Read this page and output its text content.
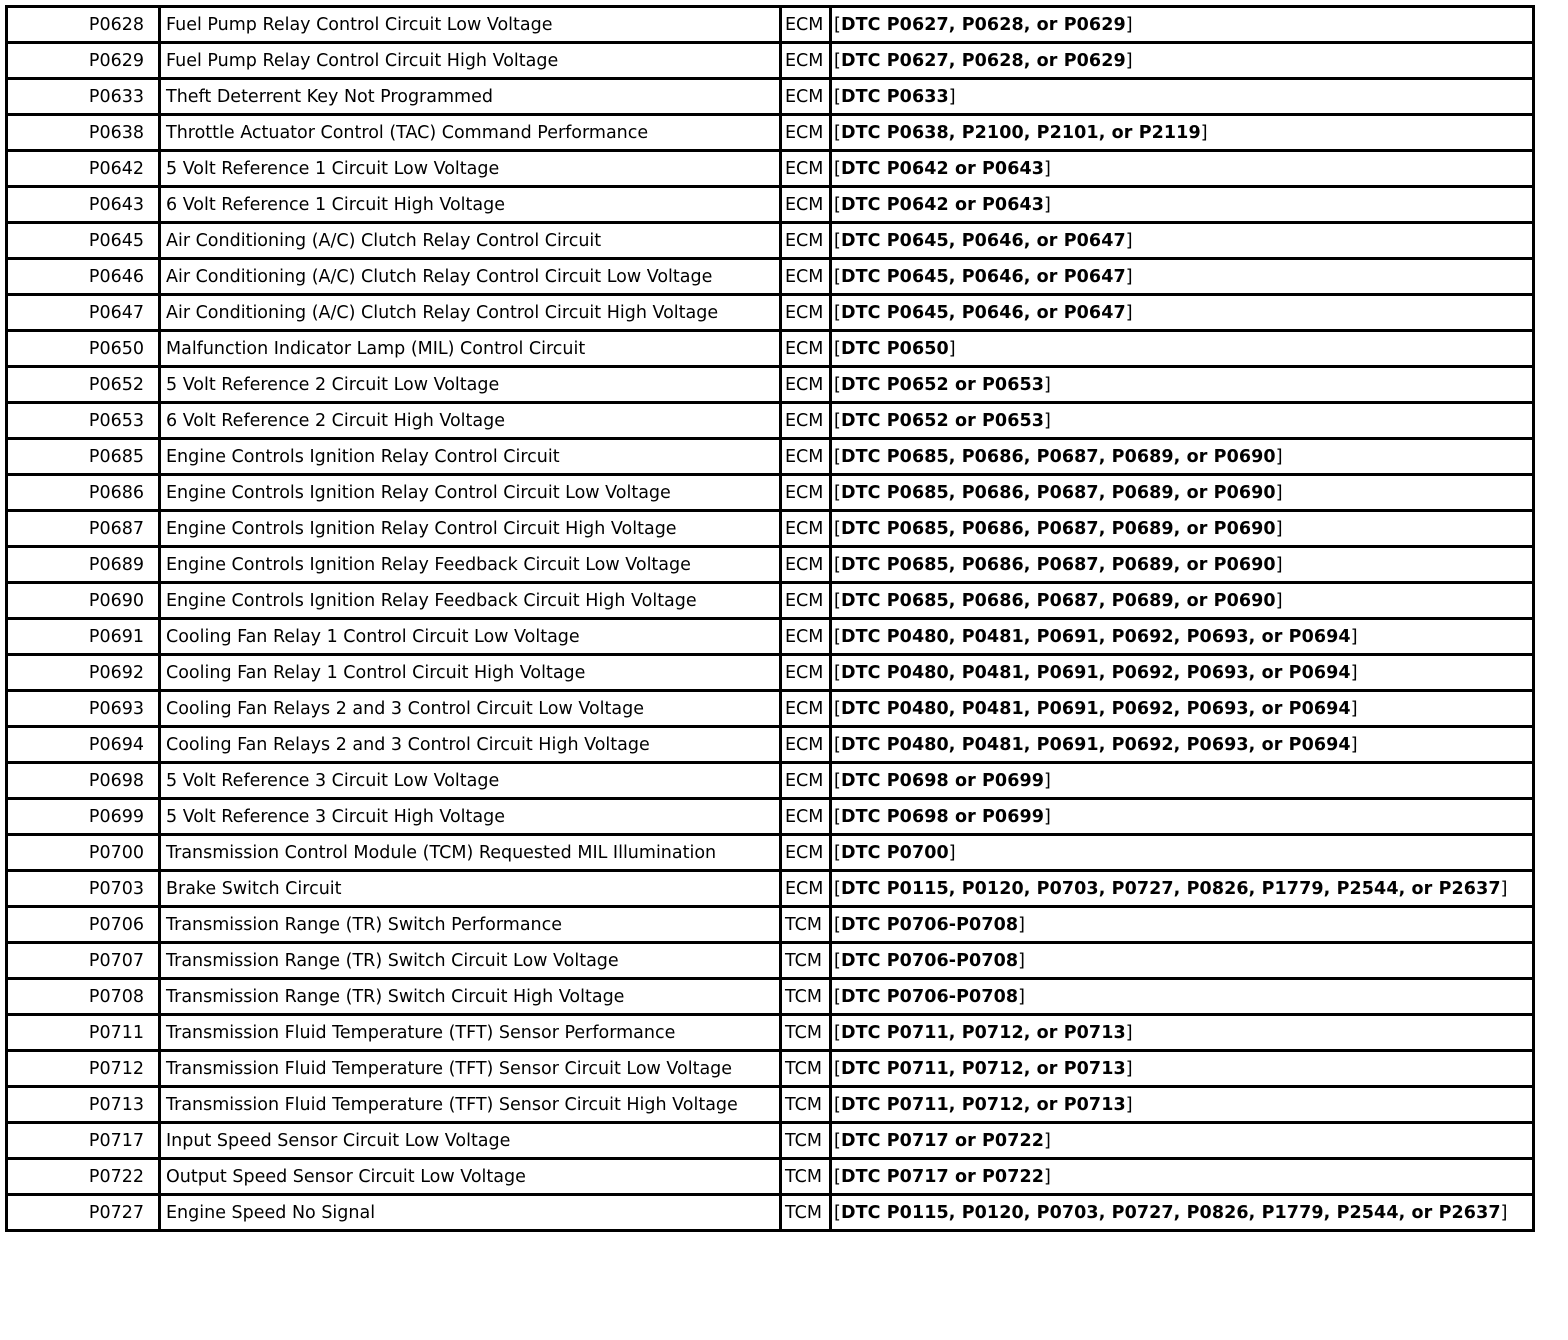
P0628	Fuel Pump Relay Control Circuit Low Voltage	ECM	[DTC P0627, P0628, or P0629]
P0629	Fuel Pump Relay Control Circuit High Voltage	ECM	[DTC P0627, P0628, or P0629]
P0633	Theft Deterrent Key Not Programmed	ECM	[DTC P0633]
P0638	Throttle Actuator Control (TAC) Command Performance	ECM	[DTC P0638, P2100, P2101, or P2119]
P0642	5 Volt Reference 1 Circuit Low Voltage	ECM	[DTC P0642 or P0643]
P0643	6 Volt Reference 1 Circuit High Voltage	ECM	[DTC P0642 or P0643]
P0645	Air Conditioning (A/C) Clutch Relay Control Circuit	ECM	[DTC P0645, P0646, or P0647]
P0646	Air Conditioning (A/C) Clutch Relay Control Circuit Low Voltage	ECM	[DTC P0645, P0646, or P0647]
P0647	Air Conditioning (A/C) Clutch Relay Control Circuit High Voltage	ECM	[DTC P0645, P0646, or P0647]
P0650	Malfunction Indicator Lamp (MIL) Control Circuit	ECM	[DTC P0650]
P0652	5 Volt Reference 2 Circuit Low Voltage	ECM	[DTC P0652 or P0653]
P0653	6 Volt Reference 2 Circuit High Voltage	ECM	[DTC P0652 or P0653]
P0685	Engine Controls Ignition Relay Control Circuit	ECM	[DTC P0685, P0686, P0687, P0689, or P0690]
P0686	Engine Controls Ignition Relay Control Circuit Low Voltage	ECM	[DTC P0685, P0686, P0687, P0689, or P0690]
P0687	Engine Controls Ignition Relay Control Circuit High Voltage	ECM	[DTC P0685, P0686, P0687, P0689, or P0690]
P0689	Engine Controls Ignition Relay Feedback Circuit Low Voltage	ECM	[DTC P0685, P0686, P0687, P0689, or P0690]
P0690	Engine Controls Ignition Relay Feedback Circuit High Voltage	ECM	[DTC P0685, P0686, P0687, P0689, or P0690]
P0691	Cooling Fan Relay 1 Control Circuit Low Voltage	ECM	[DTC P0480, P0481, P0691, P0692, P0693, or P0694]
P0692	Cooling Fan Relay 1 Control Circuit High Voltage	ECM	[DTC P0480, P0481, P0691, P0692, P0693, or P0694]
P0693	Cooling Fan Relays 2 and 3 Control Circuit Low Voltage	ECM	[DTC P0480, P0481, P0691, P0692, P0693, or P0694]
P0694	Cooling Fan Relays 2 and 3 Control Circuit High Voltage	ECM	[DTC P0480, P0481, P0691, P0692, P0693, or P0694]
P0698	5 Volt Reference 3 Circuit Low Voltage	ECM	[DTC P0698 or P0699]
P0699	5 Volt Reference 3 Circuit High Voltage	ECM	[DTC P0698 or P0699]
P0700	Transmission Control Module (TCM) Requested MIL Illumination	ECM	[DTC P0700]
P0703	Brake Switch Circuit	ECM	[DTC P0115, P0120, P0703, P0727, P0826, P1779, P2544, or P2637]
P0706	Transmission Range (TR) Switch Performance	TCM	[DTC P0706-P0708]
P0707	Transmission Range (TR) Switch Circuit Low Voltage	TCM	[DTC P0706-P0708]
P0708	Transmission Range (TR) Switch Circuit High Voltage	TCM	[DTC P0706-P0708]
P0711	Transmission Fluid Temperature (TFT) Sensor Performance	TCM	[DTC P0711, P0712, or P0713]
P0712	Transmission Fluid Temperature (TFT) Sensor Circuit Low Voltage	TCM	[DTC P0711, P0712, or P0713]
P0713	Transmission Fluid Temperature (TFT) Sensor Circuit High Voltage	TCM	[DTC P0711, P0712, or P0713]
P0717	Input Speed Sensor Circuit Low Voltage	TCM	[DTC P0717 or P0722]
P0722	Output Speed Sensor Circuit Low Voltage	TCM	[DTC P0717 or P0722]
P0727	Engine Speed No Signal	TCM	[DTC P0115, P0120, P0703, P0727, P0826, P1779, P2544, or P2637]
